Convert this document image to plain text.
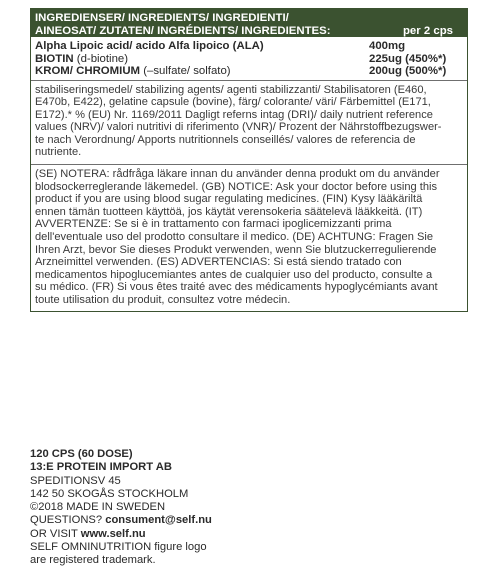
INGREDIENSER/ INGREDIENTS/ INGREDIENTI/
AINEOSAT/ ZUTATEN/ INGRÉDIENTS/ INGREDIENTES:	per 2 cps
Alpha Lipoic acid/ acido Alfa lipoico (ALA)	400mg
BIOTIN (d-biotine)	225ug (450%*)
KROM/ CHROMIUM (–sulfate/ solfato)	200ug (500%*)
stabiliseringsmedel/ stabilizing agents/ agenti stabilizzanti/ Stabilisatoren (E460,
E470b, E422), gelatine capsule (bovine), färg/ colorante/ väri/ Färbemittel (E171,
E172).* % (EU) Nr. 1169/2011 Dagligt referns intag (DRI)/ daily nutrient reference
values (NRV)/ valori nutritivi di riferimento (VNR)/ Prozent der Nährstoffbezugswer-
te nach Verordnung/ Apports nutritionnels conseillés/ valores de referencia de
nutriente.
(SE) NOTERA: rådfråga läkare innan du använder denna produkt om du använder
blodsockerreglerande läkemedel. (GB) NOTICE: Ask your doctor before using this
product if you are using blood sugar regulating medicines. (FIN) Kysy lääkäriltä
ennen tämän tuotteen käyttöä, jos käytät verensokeria säätelevä lääkkeitä. (IT)
AVVERTENZE: Se si è in trattamento con farmaci ipoglicemizzanti prima
dell'eventuale uso del prodotto consultare il medico. (DE) ACHTUNG: Fragen Sie
Ihren Arzt, bevor Sie dieses Produkt verwenden, wenn Sie blutzuckerregulierende
Arzneimittel verwenden. (ES) ADVERTENCIAS: Si está siendo tratado con
medicamentos hipoglucemiantes antes de cualquier uso del producto, consulte a
su médico. (FR) Si vous êtes traité avec des médicaments hypoglycémiants avant
toute utilisation du produit, consultez votre médecin.
120 CPS (60 DOSE)
13:E PROTEIN IMPORT AB
SPEDITIONSV 45
142 50 SKOGÅS STOCKHOLM
©2018 MADE IN SWEDEN
QUESTIONS? consument@self.nu
OR VISIT www.self.nu
SELF OMNINUTRITION figure logo
are registered trademark.
